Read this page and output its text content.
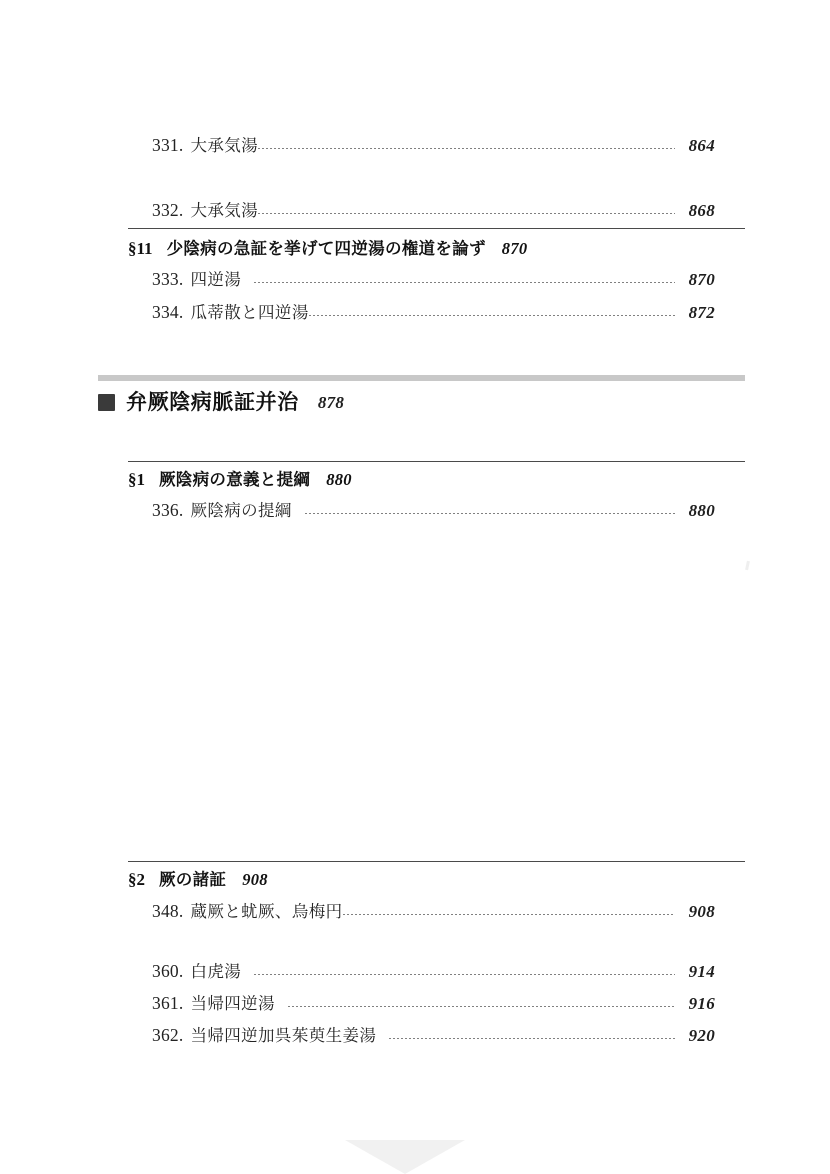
331. 大承気湯	864
332. 大承気湯	868
§11 少陰病の急証を挙げて四逆湯の権道を論ず 870
333. 四逆湯	870
334. 瓜蒂散と四逆湯	872
弁厥陰病脈証并治 878
§1 厥陰病の意義と提綱 880
336. 厥陰病の提綱	880
§2 厥の諸証 908
348. 蔵厥と蚘厥、烏梅円	908
360. 白虎湯	914
361. 当帰四逆湯	916
362. 当帰四逆加呉茱萸生姜湯	920
